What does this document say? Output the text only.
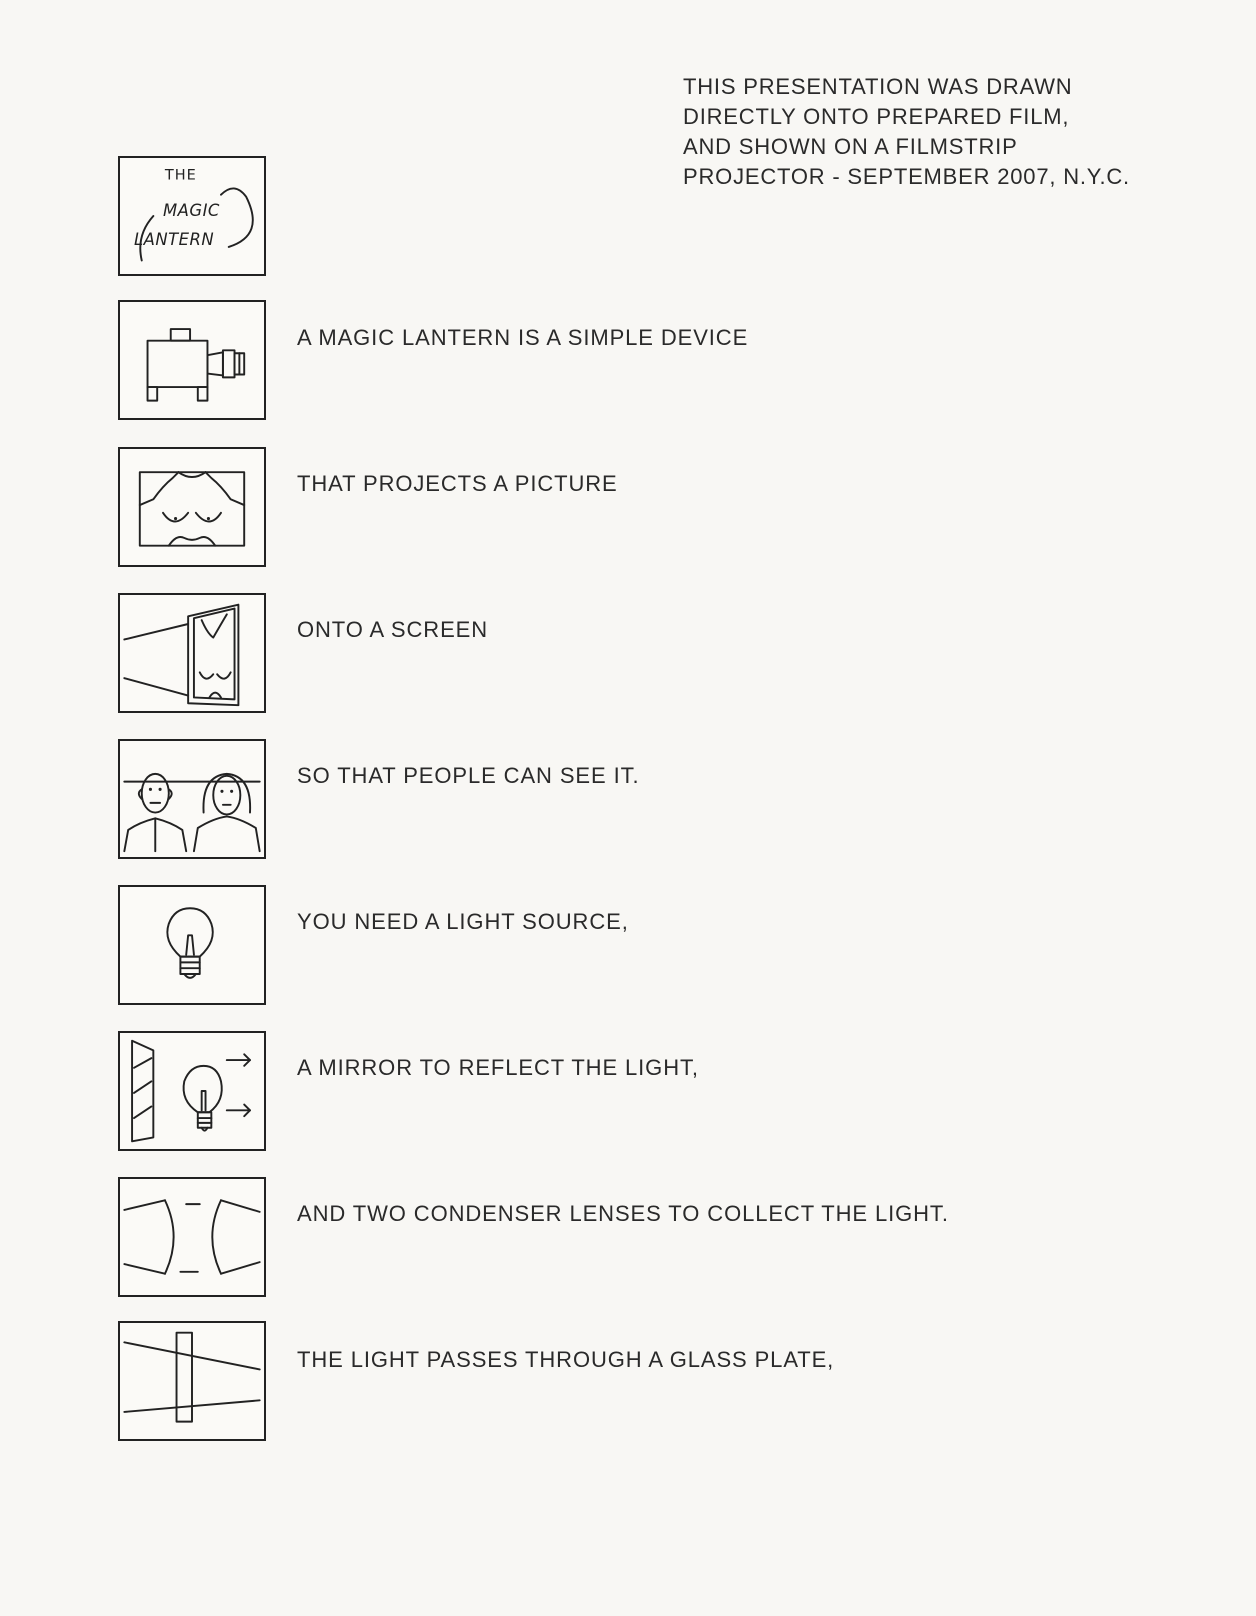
THIS PRESENTATION WAS DRAWN
DIRECTLY ONTO PREPARED FILM,
AND SHOWN ON A FILMSTRIP
PROJECTOR - SEPTEMBER 2007, N.Y.C.
THE
MAGIC
LANTERN
A MAGIC LANTERN IS A SIMPLE DEVICE
THAT PROJECTS A PICTURE
ONTO A SCREEN
SO THAT PEOPLE CAN SEE IT.
YOU NEED A LIGHT SOURCE,
A MIRROR TO REFLECT THE LIGHT,
AND TWO CONDENSER LENSES TO COLLECT THE LIGHT.
THE LIGHT PASSES THROUGH A GLASS PLATE,
